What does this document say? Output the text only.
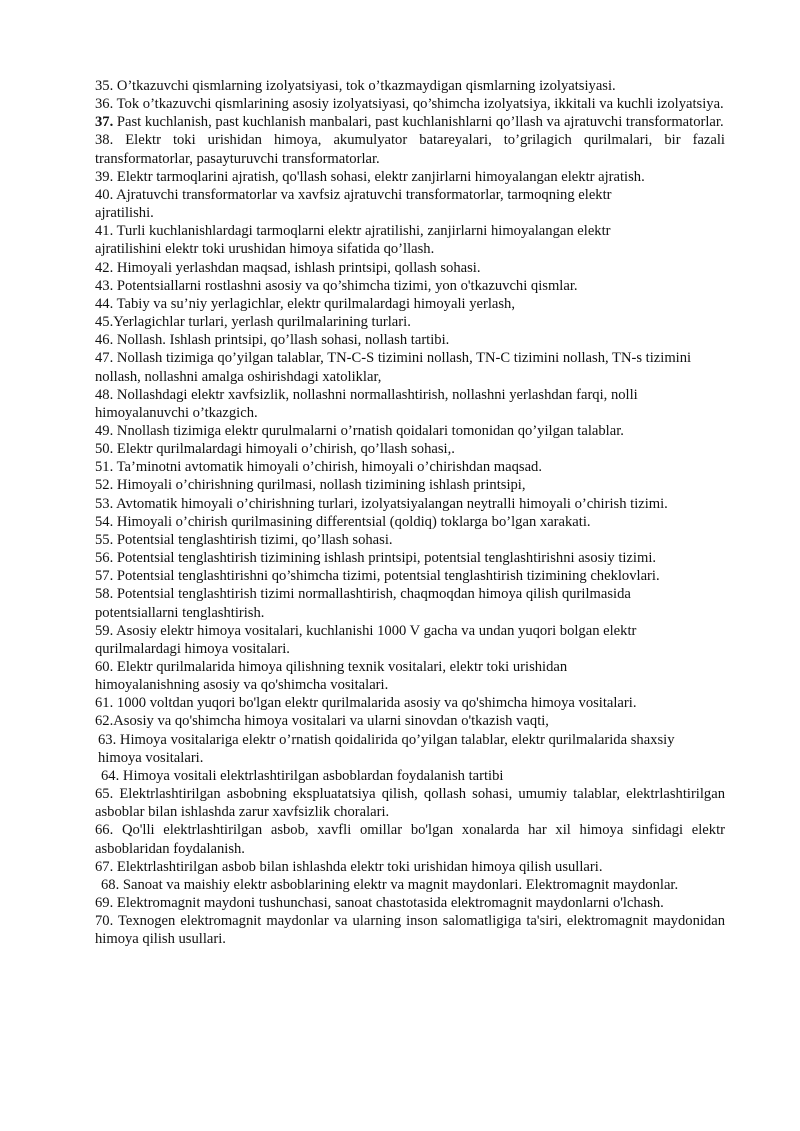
35. O’tkazuvchi qismlarning izolyatsiyasi, tok o’tkazmaydigan qismlarning izolyatsiyasi.

36. Tok o’tkazuvchi qismlarining asosiy izolyatsiyasi, qo’shimcha izolyatsiya, ikkitali va kuchli izolyatsiya.

37. Past kuchlanish, past kuchlanish manbalari, past kuchlanishlarni qo’llash va ajratuvchi transformatorlar.

38. Elektr toki urishidan himoya, akumulyator batareyalari, to’grilagich qurilmalari, bir fazali transformatorlar, pasayturuvchi transformatorlar.

39. Elektr tarmoqlarini ajratish, qo'llash sohasi, elektr zanjirlarni himoyalangan elektr ajratish.

40. Ajratuvchi transformatorlar va xavfsiz ajratuvchi transformatorlar, tarmoqning elektr ajratilishi.

41. Turli kuchlanishlardagi tarmoqlarni elektr ajratilishi, zanjirlarni himoyalangan elektr ajratilishini elektr toki urushidan himoya sifatida qo’llash.

42. Himoyali yerlashdan maqsad, ishlash printsipi, qollash sohasi.

43. Potentsiallarni rostlashni asosiy va qo’shimcha tizimi, yon o'tkazuvchi qismlar.

44. Tabiy va su’niy yerlagichlar, elektr qurilmalardagi himoyali yerlash,

45.Yerlagichlar turlari, yerlash qurilmalarining turlari.

46. Nollash. Ishlash printsipi, qo’llash sohasi, nollash tartibi.

47. Nollash tizimiga qo’yilgan talablar, TN-C-S tizimini nollash, TN-C tizimini nollash, TN-s tizimini nollash, nollashni amalga oshirishdagi xatoliklar,

48. Nollashdagi elektr xavfsizlik, nollashni normallashtirish, nollashni yerlashdan farqi, nolli himoyalanuvchi o’tkazgich.

49. Nnollash tizimiga elektr qurulmalarni o’rnatish qoidalari tomonidan qo’yilgan talablar.

50. Elektr qurilmalardagi himoyali o’chirish, qo’llash sohasi,.

51. Ta’minotni avtomatik himoyali o’chirish, himoyali o’chirishdan maqsad.

52. Himoyali o’chirishning qurilmasi, nollash tizimining ishlash printsipi,

53. Avtomatik himoyali o’chirishning turlari, izolyatsiyalangan neytralli himoyali o’chirish tizimi.

54. Himoyali o’chirish qurilmasining differentsial (qoldiq) toklarga bo’lgan xarakati.

55. Potentsial tenglashtirish tizimi, qo’llash sohasi.

56. Potentsial tenglashtirish tizimining ishlash printsipi, potentsial tenglashtirishni asosiy tizimi.

57. Potentsial tenglashtirishni qo’shimcha tizimi, potentsial tenglashtirish tizimining cheklovlari.

58. Potentsial tenglashtirish tizimi normallashtirish, chaqmoqdan himoya qilish qurilmasida potentsiallarni tenglashtirish.

59. Asosiy elektr himoya vositalari, kuchlanishi 1000 V gacha va undan yuqori bolgan elektr qurilmalardagi himoya vositalari.

60. Elektr qurilmalarida himoya qilishning texnik vositalari, elektr toki urishidan himoyalanishning asosiy va qo'shimcha vositalari.

61. 1000 voltdan yuqori bo'lgan elektr qurilmalarida asosiy va qo'shimcha himoya vositalari.

62.Asosiy va qo'shimcha himoya vositalari va ularni sinovdan o'tkazish vaqti,

63. Himoya vositalariga elektr o’rnatish qoidalirida qo’yilgan talablar, elektr qurilmalarida shaxsiy himoya vositalari.

64. Himoya vositali elektrlashtirilgan asboblardan foydalanish tartibi

65. Elektrlashtirilgan asbobning ekspluatatsiya qilish, qollash sohasi, umumiy talablar, elektrlashtirilgan asboblar bilan ishlashda zarur xavfsizlik choralari.

66. Qo'lli elektrlashtirilgan asbob, xavfli omillar bo'lgan xonalarda har xil himoya sinfidagi elektr asboblaridan foydalanish.

67. Elektrlashtirilgan asbob bilan ishlashda elektr toki urishidan himoya qilish usullari.

68. Sanoat va maishiy elektr asboblarining elektr va magnit maydonlari. Elektromagnit maydonlar.

69. Elektromagnit maydoni tushunchasi, sanoat chastotasida elektromagnit maydonlarni o'lchash.

70. Texnogen elektromagnit maydonlar va ularning inson salomatligiga ta'siri, elektromagnit maydonidan himoya qilish usullari.
